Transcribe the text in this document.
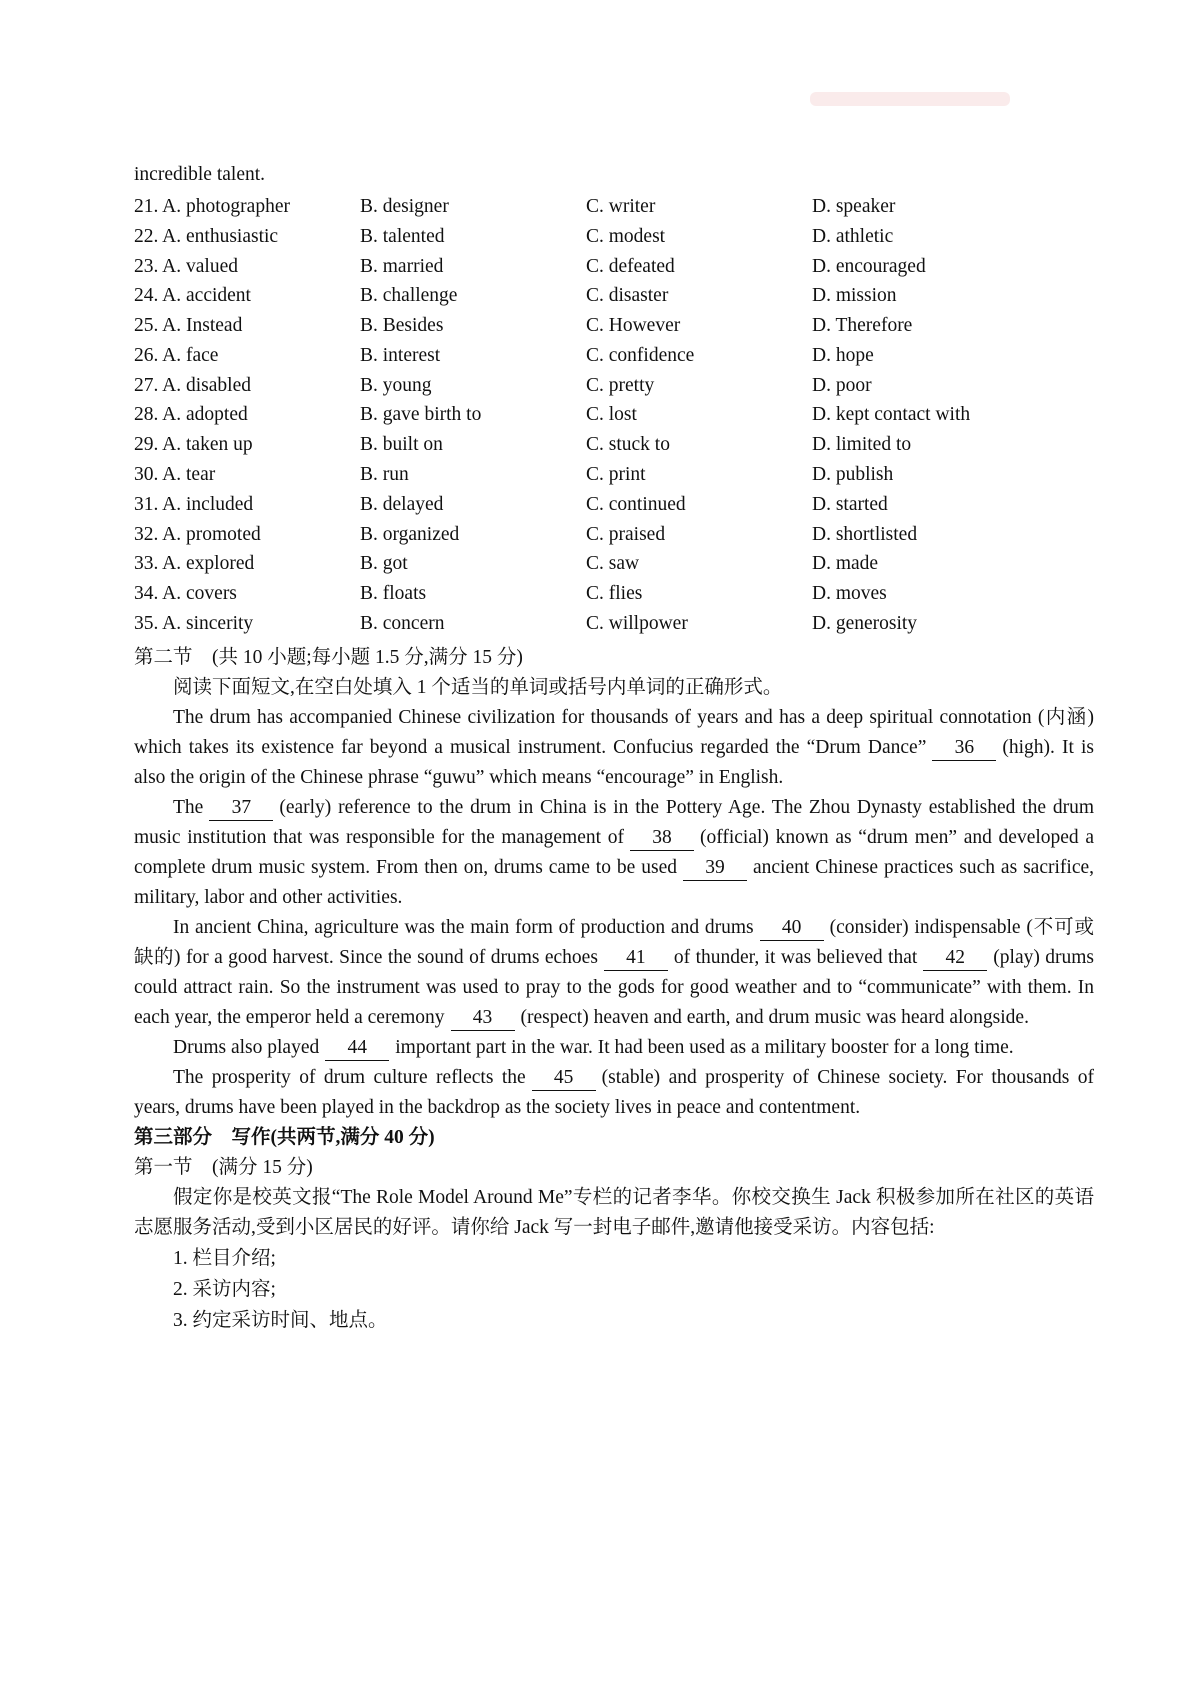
incredible talent.

21. A. photographer	B. designer	C. writer	D. speaker
22. A. enthusiastic	B. talented	C. modest	D. athletic
23. A. valued	B. married	C. defeated	D. encouraged
24. A. accident	B. challenge	C. disaster	D. mission
25. A. Instead	B. Besides	C. However	D. Therefore
26. A. face	B. interest	C. confidence	D. hope
27. A. disabled	B. young	C. pretty	D. poor
28. A. adopted	B. gave birth to	C. lost	D. kept contact with
29. A. taken up	B. built on	C. stuck to	D. limited to
30. A. tear	B. run	C. print	D. publish
31. A. included	B. delayed	C. continued	D. started
32. A. promoted	B. organized	C. praised	D. shortlisted
33. A. explored	B. got	C. saw	D. made
34. A. covers	B. floats	C. flies	D. moves
35. A. sincerity	B. concern	C. willpower	D. generosity
第二节　(共 10 小题;每小题 1.5 分,满分 15 分)

阅读下面短文,在空白处填入 1 个适当的单词或括号内单词的正确形式。

The drum has accompanied Chinese civilization for thousands of years and has a deep spiritual connotation (内涵) which takes its existence far beyond a musical instrument. Confucius regarded the “Drum Dance” 36 (high). It is also the origin of the Chinese phrase “guwu” which means “encourage” in English.

The 37 (early) reference to the drum in China is in the Pottery Age. The Zhou Dynasty established the drum music institution that was responsible for the management of 38 (official) known as “drum men” and developed a complete drum music system. From then on, drums came to be used 39 ancient Chinese practices such as sacrifice, military, labor and other activities.

In ancient China, agriculture was the main form of production and drums 40 (consider) indispensable (不可或缺的) for a good harvest. Since the sound of drums echoes 41 of thunder, it was believed that 42 (play) drums could attract rain. So the instrument was used to pray to the gods for good weather and to “communicate” with them. In each year, the emperor held a ceremony 43 (respect) heaven and earth, and drum music was heard alongside.

Drums also played 44 important part in the war. It had been used as a military booster for a long time.

The prosperity of drum culture reflects the 45 (stable) and prosperity of Chinese society. For thousands of years, drums have been played in the backdrop as the society lives in peace and contentment.

第三部分　写作(共两节,满分 40 分)
第一节　(满分 15 分)

假定你是校英文报“The Role Model Around Me”专栏的记者李华。你校交换生 Jack 积极参加所在社区的英语志愿服务活动,受到小区居民的好评。请你给 Jack 写一封电子邮件,邀请他接受采访。内容包括:

1. 栏目介绍;
2. 采访内容;
3. 约定采访时间、地点。
